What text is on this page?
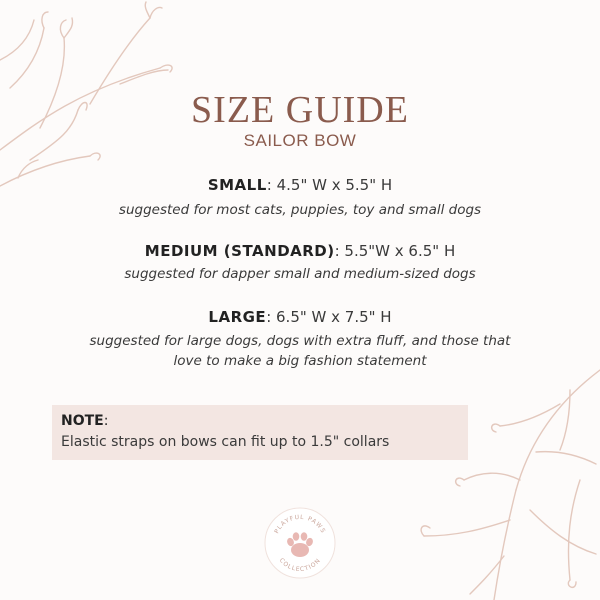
SIZE GUIDE
SAILOR BOW
SMALL: 4.5" W x 5.5" H
suggested for most cats, puppies, toy and small dogs
MEDIUM (STANDARD): 5.5"W x 6.5" H
suggested for dapper small and medium-sized dogs
LARGE: 6.5" W x 7.5" H
suggested for large dogs, dogs with extra fluff, and those that
love to make a big fashion statement
NOTE:
Elastic straps on bows can fit up to 1.5" collars
PLAYFUL PAWS
COLLECTION
